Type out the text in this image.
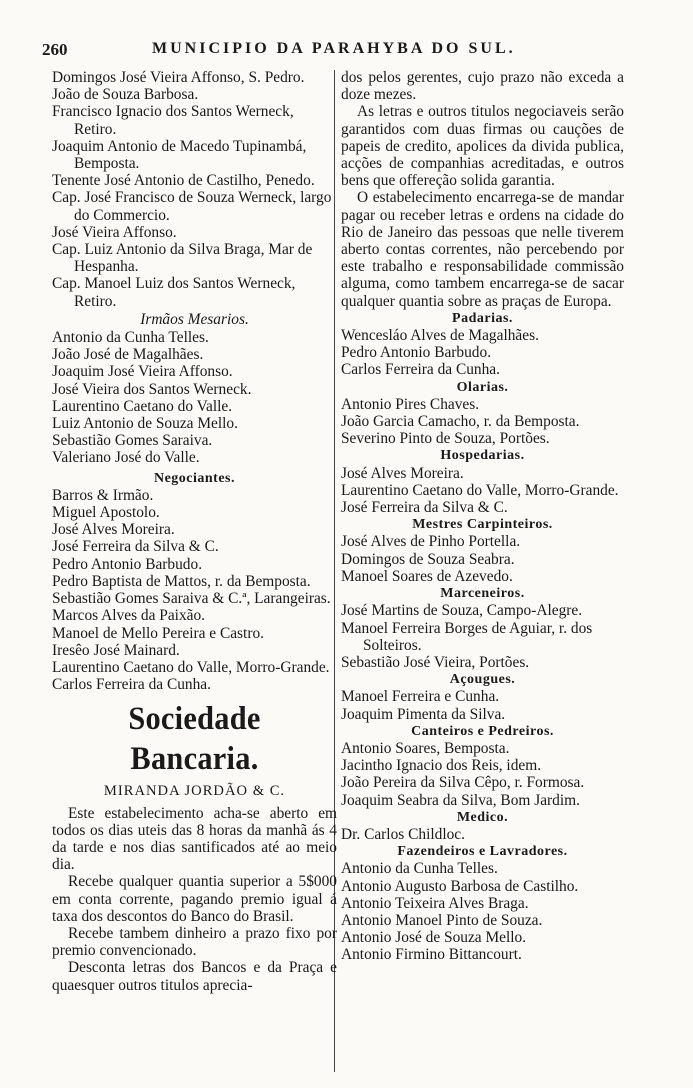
260	MUNICIPIO DA PARAHYBA DO SUL.
Domingos José Vieira Affonso, S. Pedro.
João de Souza Barbosa.
Francisco Ignacio dos Santos Werneck, Retiro.
Joaquim Antonio de Macedo Tupinambá, Bemposta.
Tenente José Antonio de Castilho, Penedo.
Cap. José Francisco de Souza Werneck, largo do Commercio.
José Vieira Affonso.
Cap. Luiz Antonio da Silva Braga, Mar de Hespanha.
Cap. Manoel Luiz dos Santos Werneck, Retiro.
Irmãos Mesarios.
Antonio da Cunha Telles.
João José de Magalhães.
Joaquim José Vieira Affonso.
José Vieira dos Santos Werneck.
Laurentino Caetano do Valle.
Luiz Antonio de Souza Mello.
Sebastião Gomes Saraiva.
Valeriano José do Valle.
Negociantes.
Barros & Irmão.
Miguel Apostolo.
José Alves Moreira.
José Ferreira da Silva & C.
Pedro Antonio Barbudo.
Pedro Baptista de Mattos, r. da Bemposta.
Sebastião Gomes Saraiva & C.ª, Larangeiras.
Marcos Alves da Paixão.
Manoel de Mello Pereira e Castro.
Iresêo José Mainard.
Laurentino Caetano do Valle, Morro-Grande.
Carlos Ferreira da Cunha.
Sociedade Bancaria.
MIRANDA JORDÃO & C.
Este estabelecimento acha-se aberto em todos os dias uteis das 8 horas da manhã ás 4 da tarde e nos dias santificados até ao meio dia.
Recebe qualquer quantia superior a 5$000 em conta corrente, pagando premio igual á taxa dos descontos do Banco do Brasil.
Recebe tambem dinheiro a prazo fixo por premio convencionado.
Desconta letras dos Bancos e da Praça e quaesquer outros titulos aprecia-
dos pelos gerentes, cujo prazo não exceda a doze mezes.
As letras e outros titulos negociaveis serão garantidos com duas firmas ou cauções de papeis de credito, apolices da divida publica, acções de companhias acreditadas, e outros bens que offereção solida garantia.
O estabelecimento encarrega-se de mandar pagar ou receber letras e ordens na cidade do Rio de Janeiro das pessoas que nelle tiverem aberto contas correntes, não percebendo por este trabalho e responsabilidade commissão alguma, como tambem encarrega-se de sacar qualquer quantia sobre as praças de Europa.
Padarias.
Wencesláo Alves de Magalhães.
Pedro Antonio Barbudo.
Carlos Ferreira da Cunha.
Olarias.
Antonio Pires Chaves.
João Garcia Camacho, r. da Bemposta.
Severino Pinto de Souza, Portões.
Hospedarias.
José Alves Moreira.
Laurentino Caetano do Valle, Morro-Grande.
José Ferreira da Silva & C.
Mestres Carpinteiros.
José Alves de Pinho Portella.
Domingos de Souza Seabra.
Manoel Soares de Azevedo.
Marceneiros.
José Martins de Souza, Campo-Alegre.
Manoel Ferreira Borges de Aguiar, r. dos Solteiros.
Sebastião José Vieira, Portões.
Açougues.
Manoel Ferreira e Cunha.
Joaquim Pimenta da Silva.
Canteiros e Pedreiros.
Antonio Soares, Bemposta.
Jacintho Ignacio dos Reis, idem.
João Pereira da Silva Cêpo, r. Formosa.
Joaquim Seabra da Silva, Bom Jardim.
Medico.
Dr. Carlos Childloc.
Fazendeiros e Lavradores.
Antonio da Cunha Telles.
Antonio Augusto Barbosa de Castilho.
Antonio Teixeira Alves Braga.
Antonio Manoel Pinto de Souza.
Antonio José de Souza Mello.
Antonio Firmino Bittancourt.
